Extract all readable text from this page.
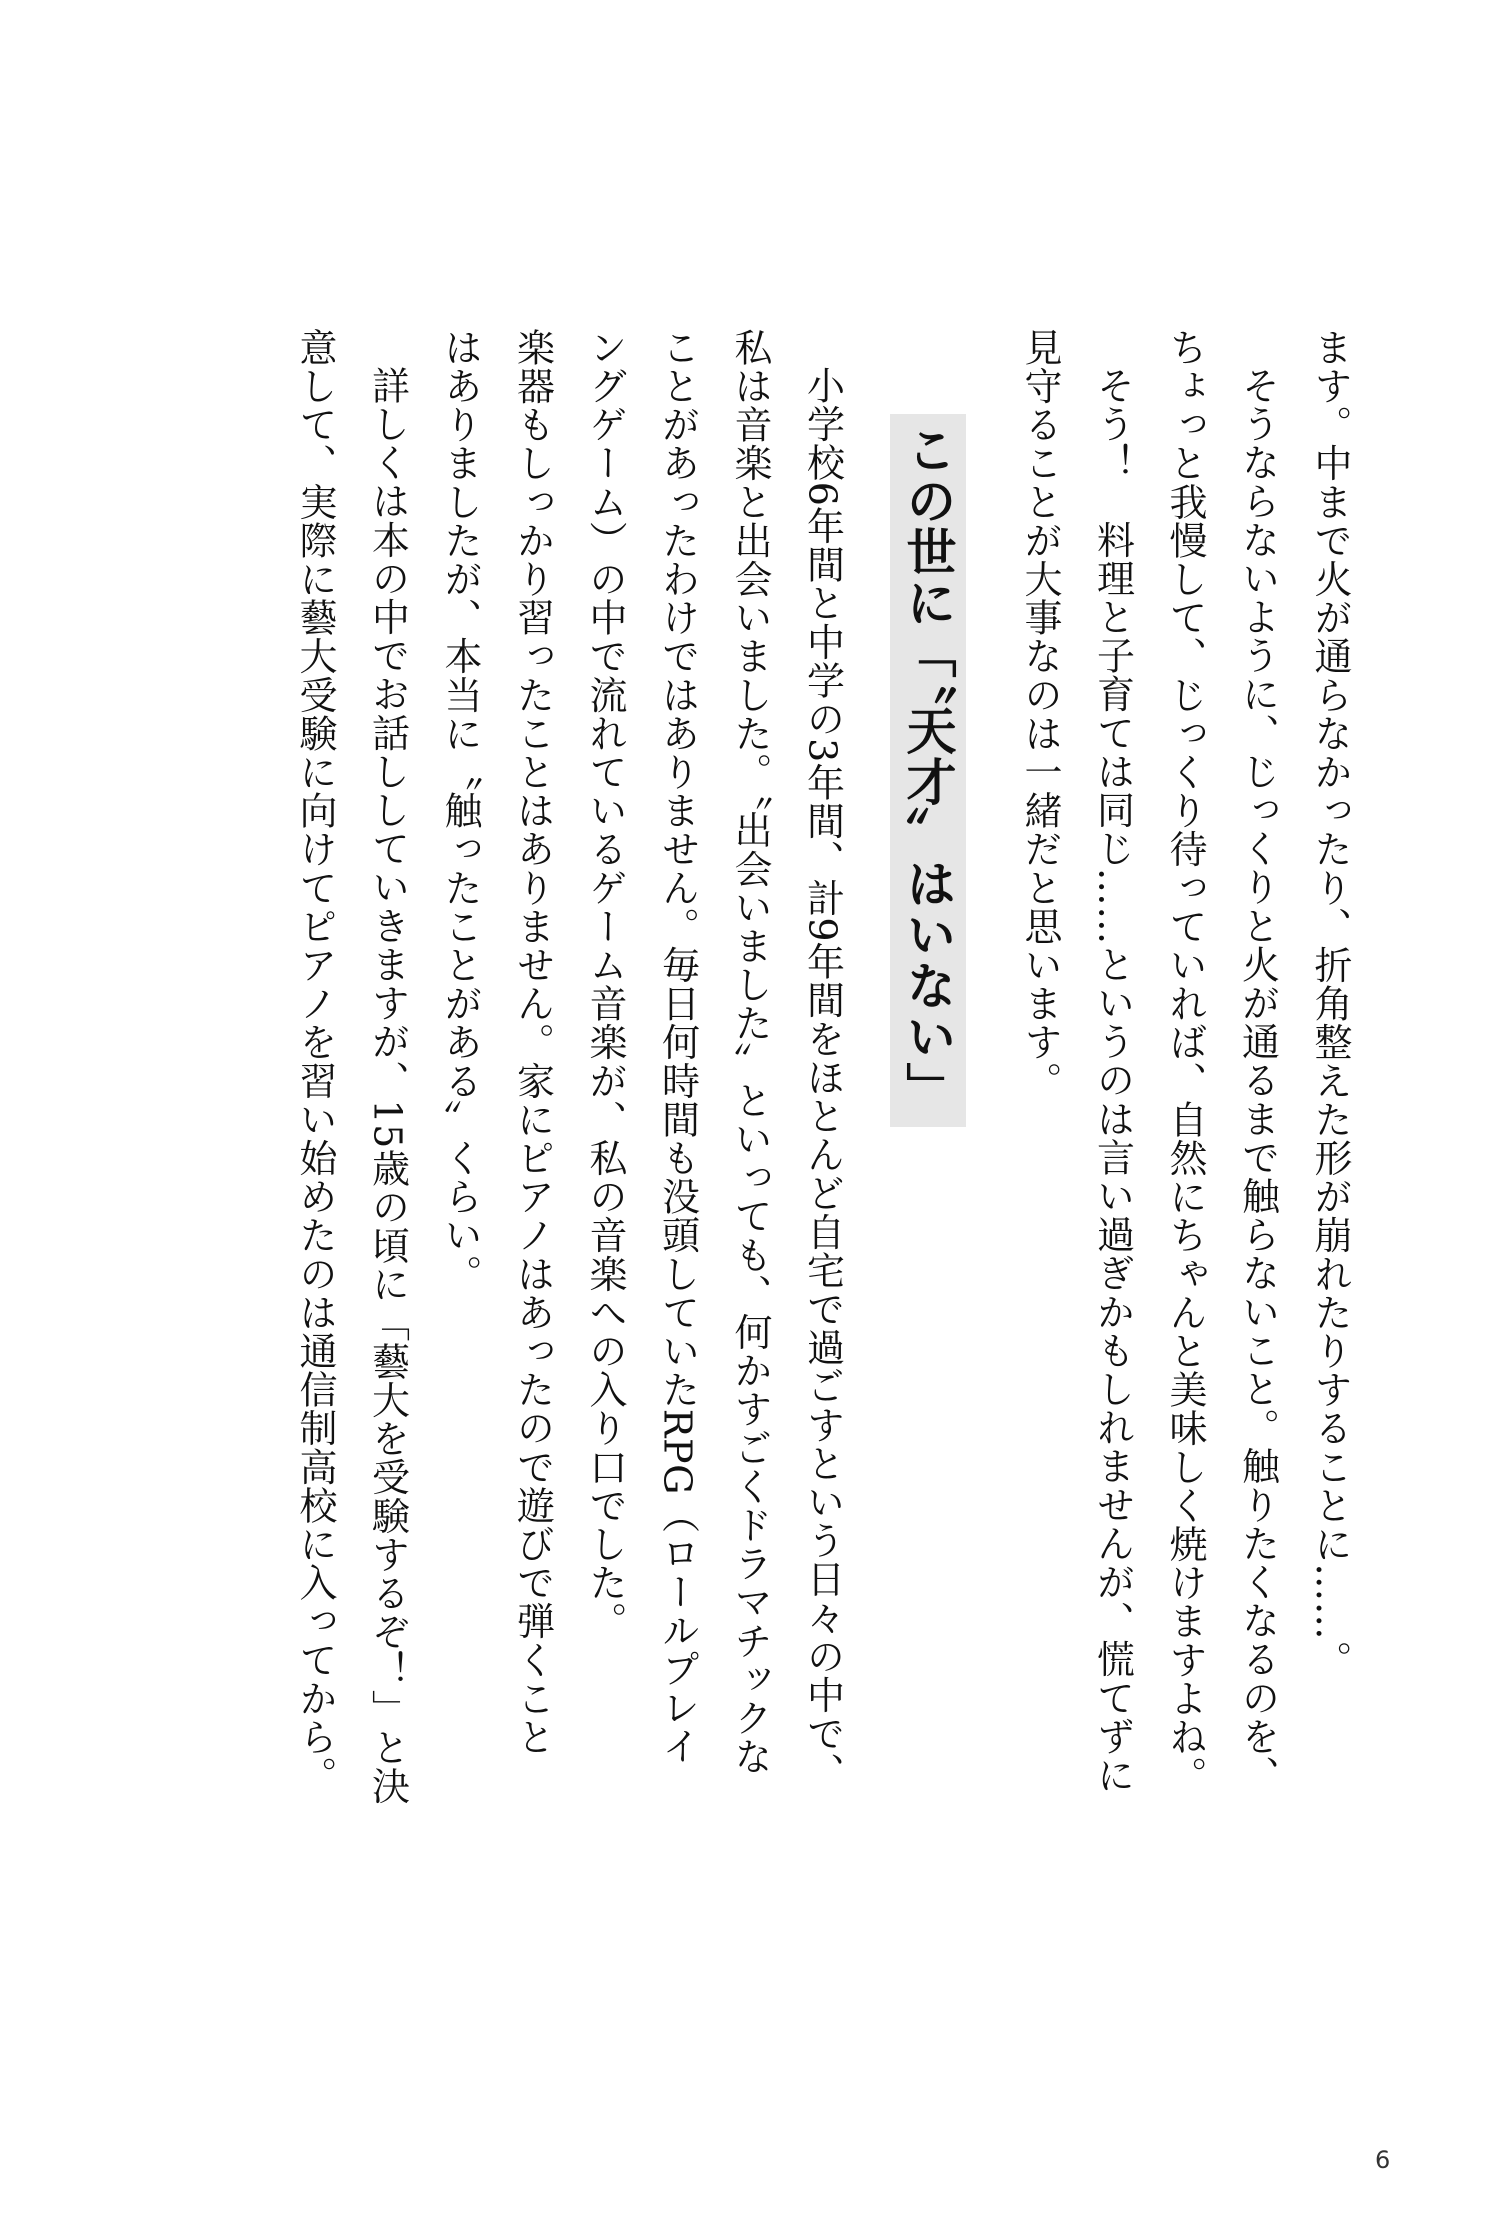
ます。中まで火が通らなかったり、折角整えた形が崩れたりすることに……。
そうならないように、じっくりと火が通るまで触らないこと。触りたくなるのを、
ちょっと我慢して、じっくり待っていれば、自然にちゃんと美味しく焼けますよね。
そう！　料理と子育ては同じ……というのは言い過ぎかもしれませんが、慌てずに
見守ることが大事なのは一緒だと思います。
この世に「〝天才〟はいない」
小学校6年間と中学の3年間、計9年間をほとんど自宅で過ごすという日々の中で、
私は音楽と出会いました。〝出会いました〟といっても、何かすごくドラマチックな
ことがあったわけではありません。毎日何時間も没頭していたRPG（ロールプレイ
ングゲーム）の中で流れているゲーム音楽が、私の音楽への入り口でした。
楽器もしっかり習ったことはありません。家にピアノはあったので遊びで弾くこと
はありましたが、本当に〝触ったことがある〟くらい。
詳しくは本の中でお話ししていきますが、15歳の頃に「藝大を受験するぞ！」と決
意して、実際に藝大受験に向けてピアノを習い始めたのは通信制高校に入ってから。
6
